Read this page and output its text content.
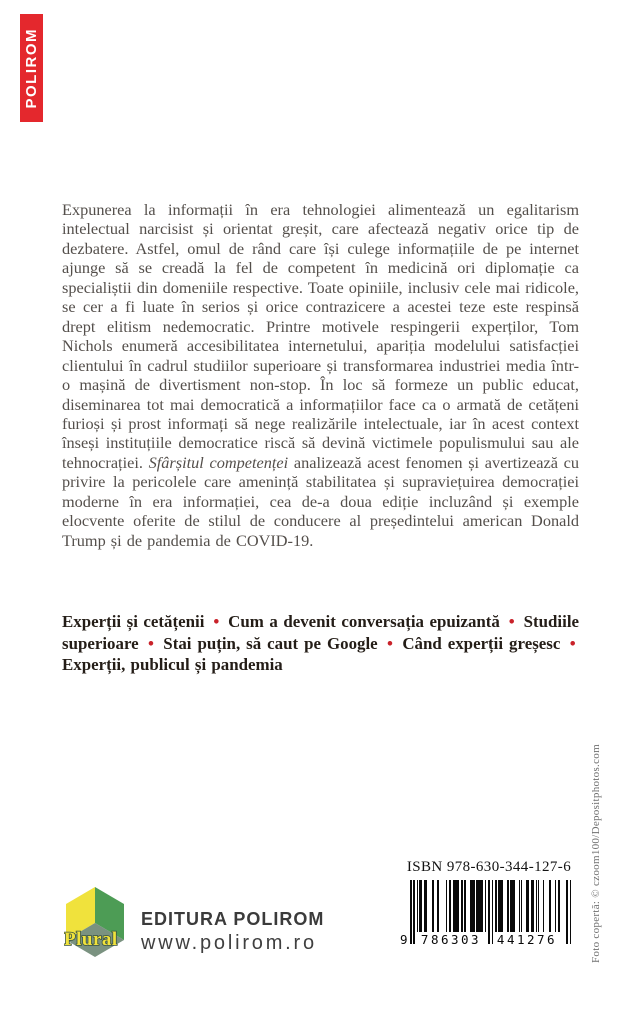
POLIROM

Expunerea la informații în era tehnologiei alimentează un egalitarism intelectual narcisist și orientat greșit, care afectează negativ orice tip de dezbatere. Astfel, omul de rând care își culege informațiile de pe internet ajunge să se creadă la fel de competent în medicină ori diplomație ca specialiștii din domeniile respective. Toate opiniile, inclusiv cele mai ridicole, se cer a fi luate în serios și orice contrazicere a acestei teze este respinsă drept elitism nedemocratic. Printre motivele respingerii experților, Tom Nichols enumeră accesibilitatea internetului, apariția modelului satisfacției clientului în cadrul studiilor superioare și transformarea industriei media într-o mașină de divertisment non-stop. În loc să formeze un public educat, diseminarea tot mai democratică a informațiilor face ca o armată de cetățeni furioși și prost informați să nege realizările intelectuale, iar în acest context înseși instituțiile democratice riscă să devină victimele populismului sau ale tehnocrației. Sfârșitul competenței analizează acest fenomen și avertizează cu privire la pericolele care amenință stabilitatea și supraviețuirea democrației moderne în era informației, cea de-a doua ediție incluzând și exemple elocvente oferite de stilul de conducere al președintelui american Donald Trump și de pandemia de COVID-19.

Experții și cetățenii  •  Cum a devenit conversația epuizantă  •  Studiile superioare  •  Stai puțin, să caut pe Google  •  Când experții greșesc  •  Experții, publicul și pandemia

Plural
EDITURA POLIROM
www.polirom.ro
ISBN 978-630-344-127-6
9	786303	441276	Foto copertă: © czoom100/Depositphotos.com
